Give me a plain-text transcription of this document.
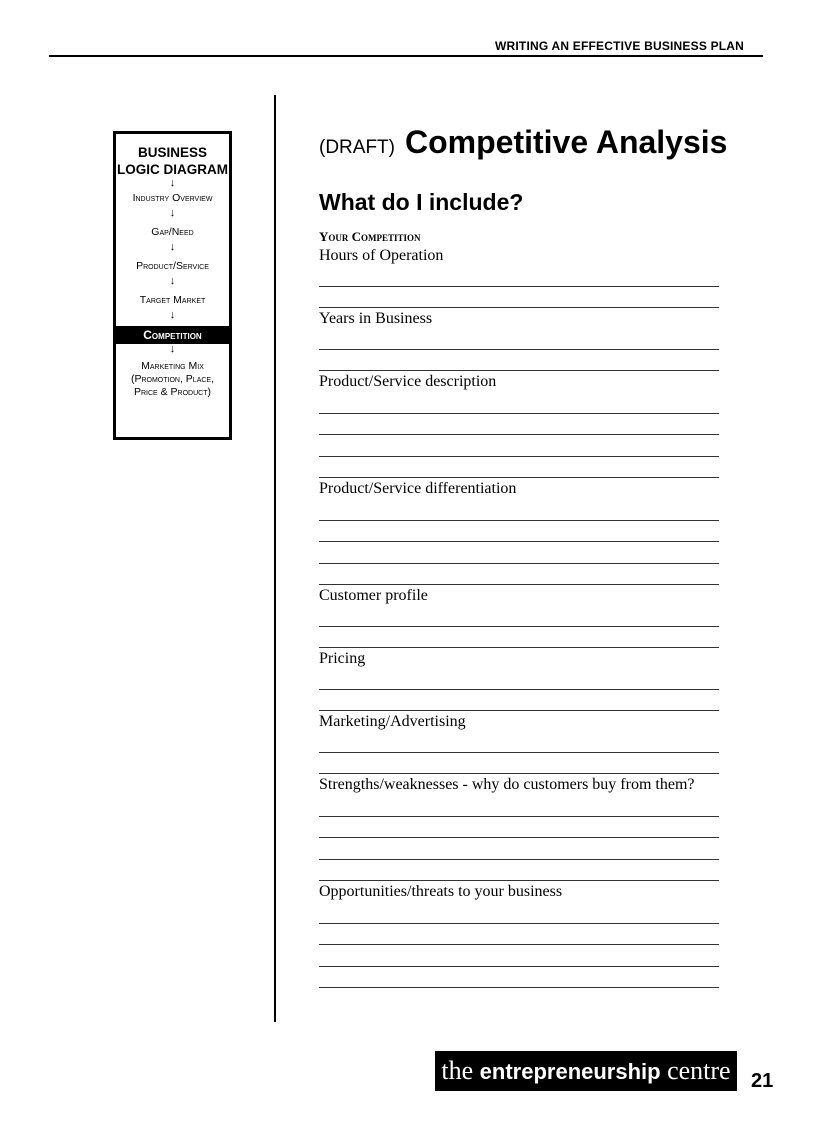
WRITING AN EFFECTIVE BUSINESS PLAN
BUSINESS LOGIC DIAGRAM
↓
Industry Overview
↓
Gap/Need
↓
Product/Service
↓
Target Market
↓
Competition
↓
Marketing Mix (Promotion, Place, Price & Product)
(DRAFT) Competitive Analysis
What do I include?
Your Competition
Hours of Operation
Years in Business
Product/Service description
Product/Service differentiation
Customer profile
Pricing
Marketing/Advertising
Strengths/weaknesses - why do customers buy from them?
Opportunities/threats to your business
the entrepreneurship centre	21
